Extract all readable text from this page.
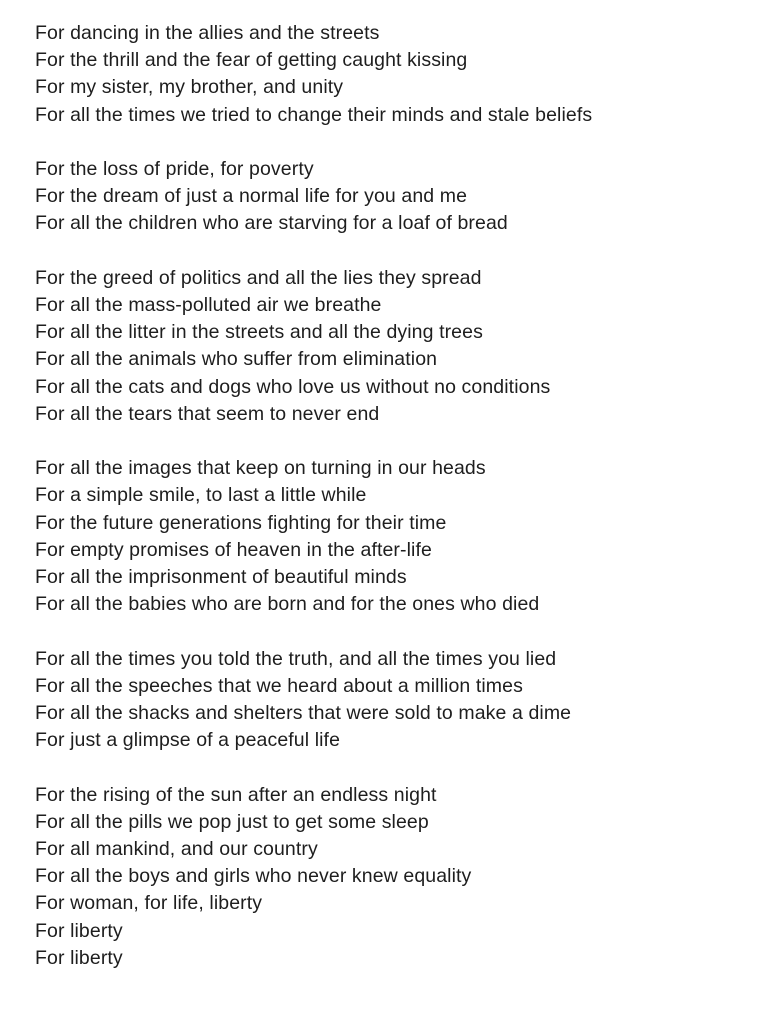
For dancing in the allies and the streets
For the thrill and the fear of getting caught kissing
For my sister, my brother, and unity
For all the times we tried to change their minds and stale beliefs
For the loss of pride, for poverty
For the dream of just a normal life for you and me
For all the children who are starving for a loaf of bread
For the greed of politics and all the lies they spread
For all the mass-polluted air we breathe
For all the litter in the streets and all the dying trees
For all the animals who suffer from elimination
For all the cats and dogs who love us without no conditions
For all the tears that seem to never end
For all the images that keep on turning in our heads
For a simple smile, to last a little while
For the future generations fighting for their time
For empty promises of heaven in the after-life
For all the imprisonment of beautiful minds
For all the babies who are born and for the ones who died
For all the times you told the truth, and all the times you lied
For all the speeches that we heard about a million times
For all the shacks and shelters that were sold to make a dime
For just a glimpse of a peaceful life
For the rising of the sun after an endless night
For all the pills we pop just to get some sleep
For all mankind, and our country
For all the boys and girls who never knew equality
For woman, for life, liberty
For liberty
For liberty
